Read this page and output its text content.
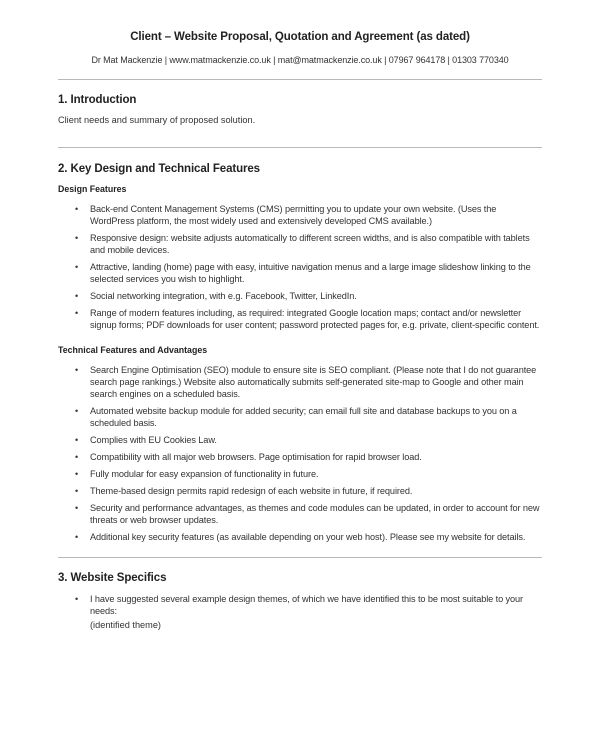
Client – Website Proposal, Quotation and Agreement (as dated)
Dr Mat Mackenzie | www.matmackenzie.co.uk | mat@matmackenzie.co.uk | 07967 964178 | 01303 770340
1. Introduction
Client needs and summary of proposed solution.
2. Key Design and Technical Features
Design Features
• Back-end Content Management Systems (CMS) permitting you to update your own website. (Uses the WordPress platform, the most widely used and extensively developed CMS available.)
• Responsive design: website adjusts automatically to different screen widths, and is also compatible with tablets and mobile devices.
• Attractive, landing (home) page with easy, intuitive navigation menus and a large image slideshow linking to the selected services you wish to highlight.
• Social networking integration, with e.g. Facebook, Twitter, LinkedIn.
• Range of modern features including, as required: integrated Google location maps; contact and/or newsletter signup forms; PDF downloads for user content; password protected pages for, e.g. private, client-specific content.
Technical Features and Advantages
• Search Engine Optimisation (SEO) module to ensure site is SEO compliant. (Please note that I do not guarantee search page rankings.) Website also automatically submits self-generated site-map to Google and other main search engines on a scheduled basis.
• Automated website backup module for added security; can email full site and database backups to you on a scheduled basis.
• Complies with EU Cookies Law.
• Compatibility with all major web browsers. Page optimisation for rapid browser load.
• Fully modular for easy expansion of functionality in future.
• Theme-based design permits rapid redesign of each website in future, if required.
• Security and performance advantages, as themes and code modules can be updated, in order to account for new threats or web browser updates.
• Additional key security features (as available depending on your web host). Please see my website for details.
3. Website Specifics
• I have suggested several example design themes, of which we have identified this to be most suitable to your needs:
(identified theme)
